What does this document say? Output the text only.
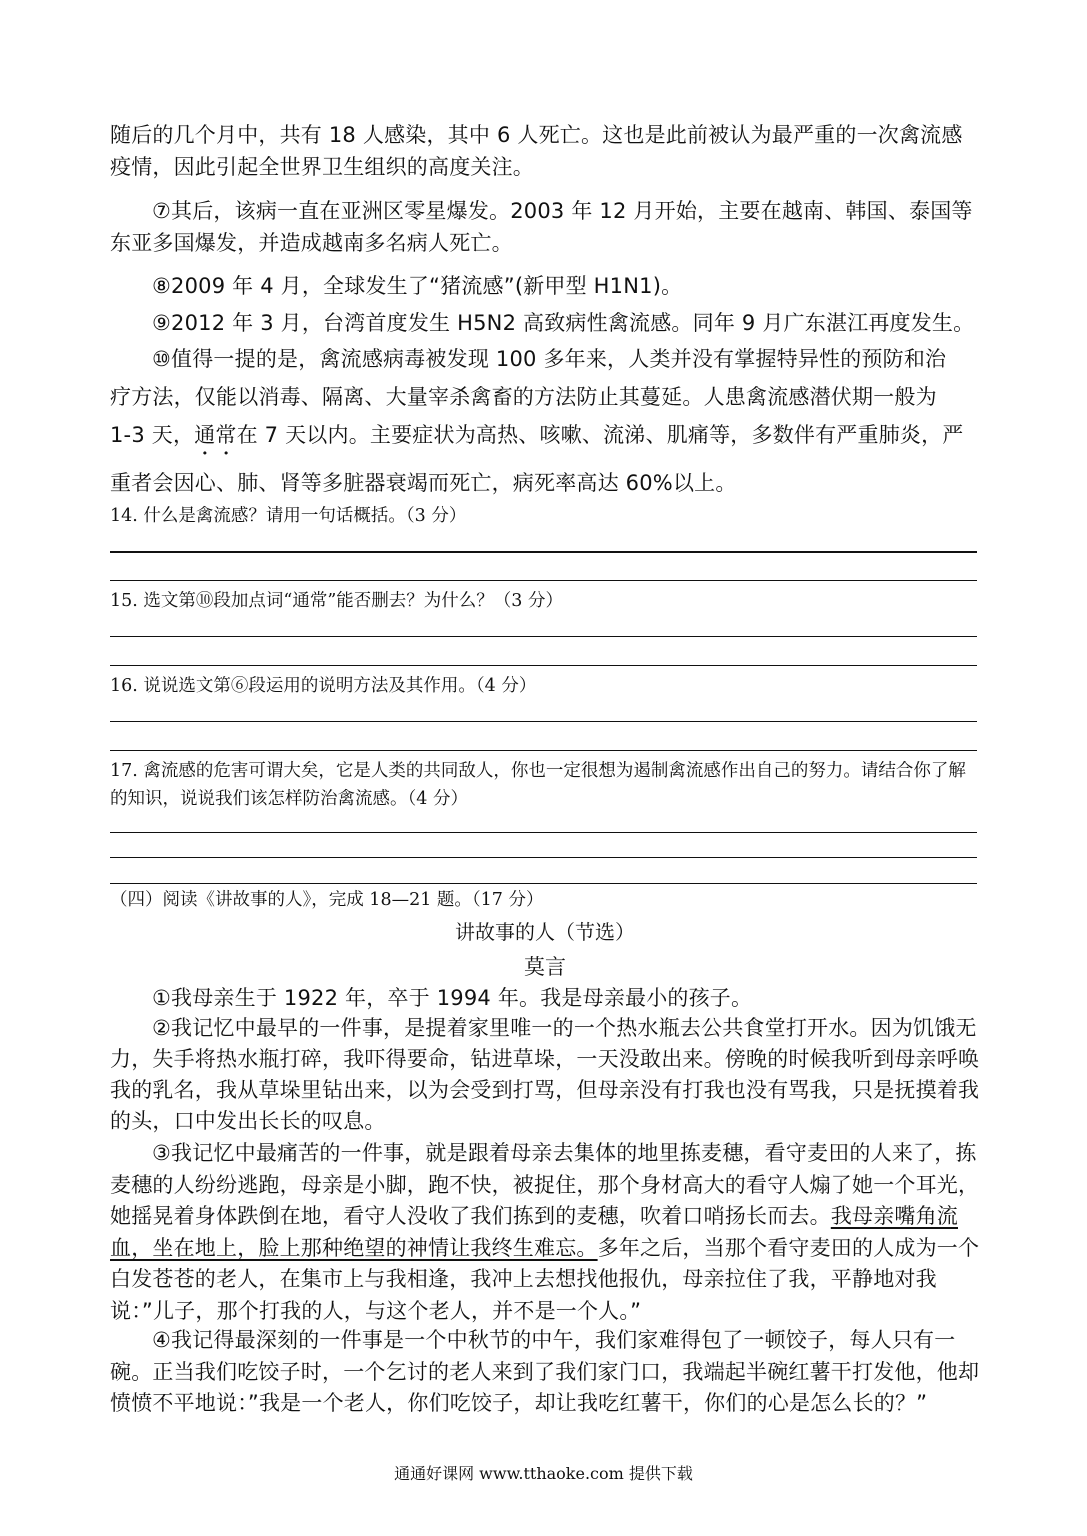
随后的几个月中，共有 18 人感染，其中 6 人死亡。这也是此前被认为最严重的一次禽流感疫情，因此引起全世界卫生组织的高度关注。

⑦其后，该病一直在亚洲区零星爆发。2003 年 12 月开始，主要在越南、韩国、泰国等东亚多国爆发，并造成越南多名病人死亡。

⑧2009 年 4 月，全球发生了“猪流感”(新甲型 H1N1)。

⑨2012 年 3 月，台湾首度发生 H5N2 高致病性禽流感。同年 9 月广东湛江再度发生。

⑩值得一提的是，禽流感病毒被发现 100 多年来，人类并没有掌握特异性的预防和治

疗方法，仅能以消毒、隔离、大量宰杀禽畜的方法防止其蔓延。人患禽流感潜伏期一般为

1-3 天，通常在 7 天以内。主要症状为高热、咳嗽、流涕、肌痛等，多数伴有严重肺炎，严

重者会因心、肺、肾等多脏器衰竭而死亡，病死率高达 60%以上。

14. 什么是禽流感？请用一句话概括。（3 分）

15. 选文第⑩段加点词“通常”能否删去？为什么？（3 分）

16. 说说选文第⑥段运用的说明方法及其作用。（4 分）

17. 禽流感的危害可谓大矣，它是人类的共同敌人，你也一定很想为遏制禽流感作出自己的努力。请结合你了解的知识，说说我们该怎样防治禽流感。（4 分）

（四）阅读《讲故事的人》，完成 18—21 题。（17 分）

讲故事的人（节选）

莫言

①我母亲生于 1922 年，卒于 1994 年。我是母亲最小的孩子。

②我记忆中最早的一件事，是提着家里唯一的一个热水瓶去公共食堂打开水。因为饥饿无力，失手将热水瓶打碎，我吓得要命，钻进草垛，一天没敢出来。傍晚的时候我听到母亲呼唤我的乳名，我从草垛里钻出来，以为会受到打骂，但母亲没有打我也没有骂我，只是抚摸着我的头，口中发出长长的叹息。

③我记忆中最痛苦的一件事，就是跟着母亲去集体的地里拣麦穗，看守麦田的人来了，拣麦穗的人纷纷逃跑，母亲是小脚，跑不快，被捉住，那个身材高大的看守人煽了她一个耳光，她摇晃着身体跌倒在地，看守人没收了我们拣到的麦穗，吹着口哨扬长而去。我母亲嘴角流血，坐在地上，脸上那种绝望的神情让我终生难忘。多年之后，当那个看守麦田的人成为一个白发苍苍的老人，在集市上与我相逢，我冲上去想找他报仇，母亲拉住了我，平静地对我说：”儿子，那个打我的人，与这个老人，并不是一个人。”

④我记得最深刻的一件事是一个中秋节的中午，我们家难得包了一顿饺子，每人只有一碗。正当我们吃饺子时，一个乞讨的老人来到了我们家门口，我端起半碗红薯干打发他，他却愤愤不平地说：”我是一个老人，你们吃饺子，却让我吃红薯干，你们的心是怎么长的？”

通通好课网 www.tthaoke.com 提供下载
